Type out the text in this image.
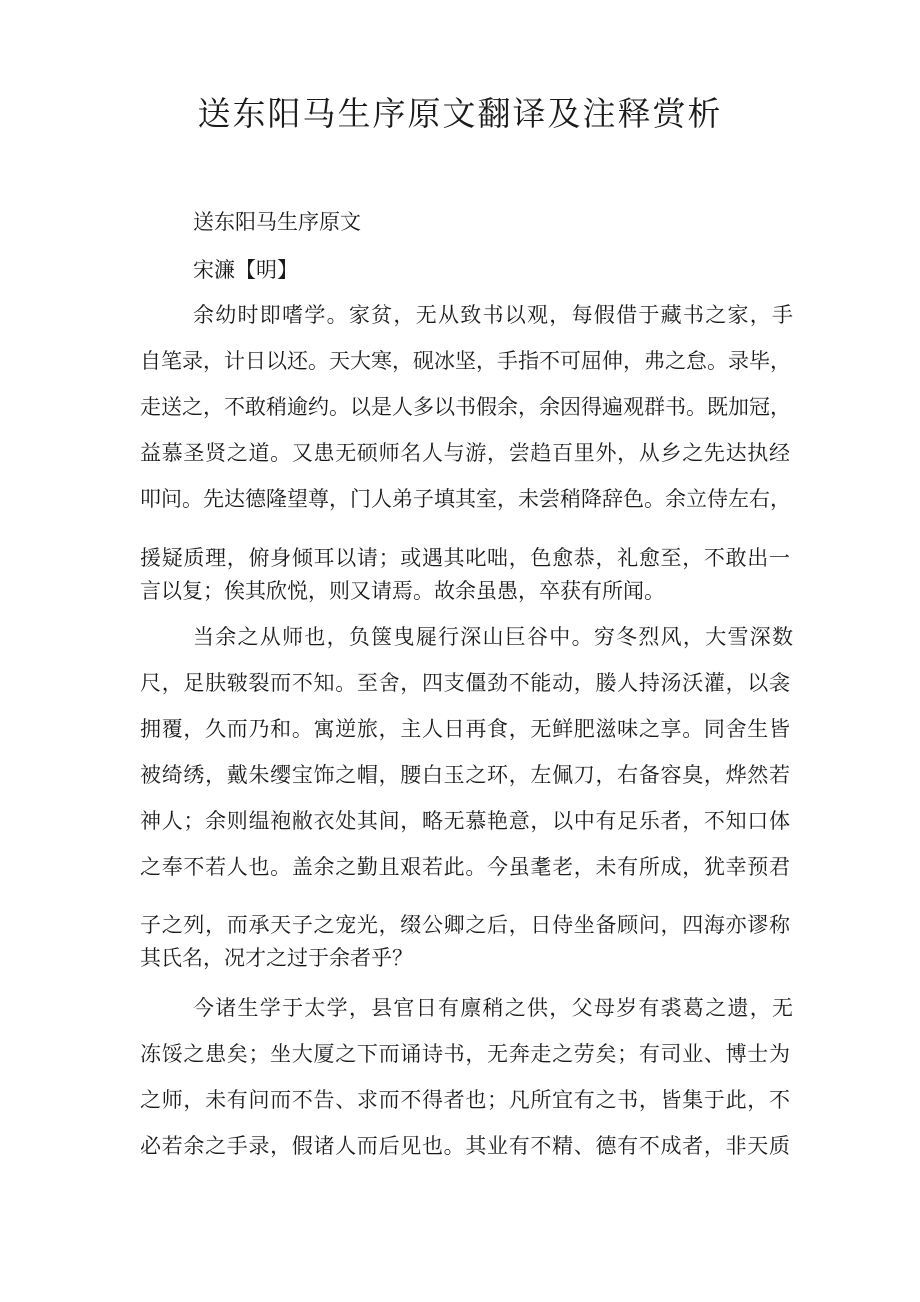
送东阳马生序原文翻译及注释赏析

送东阳马生序原文

宋濂【明】

余幼时即嗜学。家贫，无从致书以观，每假借于藏书之家，手

自笔录，计日以还。天大寒，砚冰坚，手指不可屈伸，弗之怠。录毕，

走送之，不敢稍逾约。以是人多以书假余，余因得遍观群书。既加冠，

益慕圣贤之道。又患无硕师名人与游，尝趋百里外，从乡之先达执经

叩问。先达德隆望尊，门人弟子填其室，未尝稍降辞色。余立侍左右，

援疑质理，俯身倾耳以请；或遇其叱咄，色愈恭，礼愈至，不敢出一

言以复；俟其欣悦，则又请焉。故余虽愚，卒获有所闻。

当余之从师也，负箧曳屣行深山巨谷中。穷冬烈风，大雪深数

尺，足肤皲裂而不知。至舍，四支僵劲不能动，媵人持汤沃灌，以衾

拥覆，久而乃和。寓逆旅，主人日再食，无鲜肥滋味之享。同舍生皆

被绮绣，戴朱缨宝饰之帽，腰白玉之环，左佩刀，右备容臭，烨然若

神人；余则缊袍敝衣处其间，略无慕艳意，以中有足乐者，不知口体

之奉不若人也。盖余之勤且艰若此。今虽耄老，未有所成，犹幸预君

子之列，而承天子之宠光，缀公卿之后，日侍坐备顾问，四海亦谬称

其氏名，况才之过于余者乎？

今诸生学于太学，县官日有廪稍之供，父母岁有裘葛之遗，无

冻馁之患矣；坐大厦之下而诵诗书，无奔走之劳矣；有司业、博士为

之师，未有问而不告、求而不得者也；凡所宜有之书，皆集于此，不

必若余之手录，假诸人而后见也。其业有不精、德有不成者，非天质
